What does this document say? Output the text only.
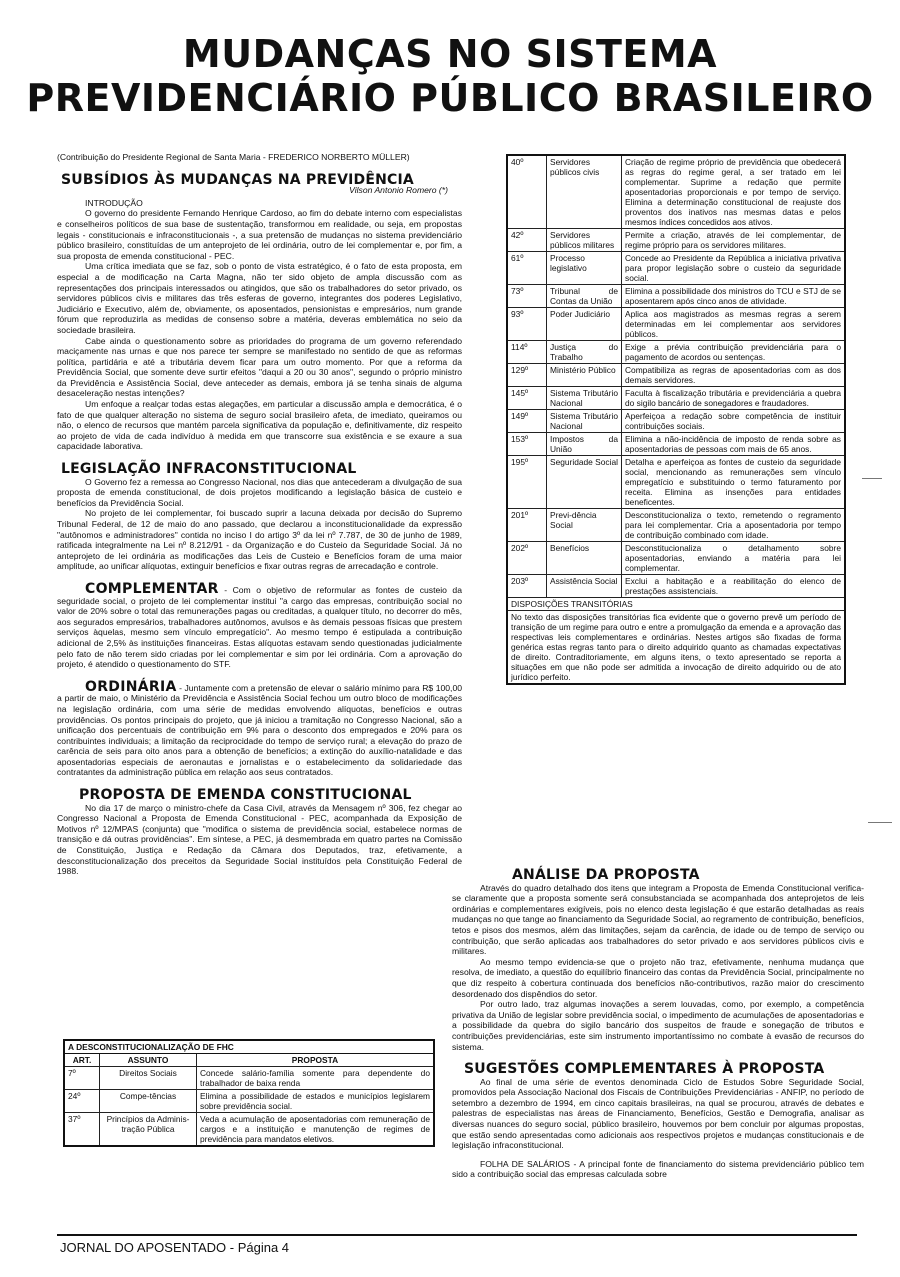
MUDANÇAS NO SISTEMA
PREVIDENCIÁRIO PÚBLICO BRASILEIRO
(Contribuição do Presidente Regional de Santa Maria - FREDERICO NORBERTO MÜLLER)
SUBSÍDIOS ÀS MUDANÇAS NA PREVIDÊNCIA
Vilson Antonio Romero (*)
INTRODUÇÃO

O governo do presidente Fernando Henrique Cardoso, ao fim do debate interno com especialistas e conselheiros políticos de sua base de sustentação, transformou em realidade, ou seja, em propostas legais - constitucionais e infraconstitucionais -, a sua pretensão de mudanças no sistema previdenciário público brasileiro, constituídas de um anteprojeto de lei ordinária, outro de lei complementar e, por fim, a sua proposta de emenda constitucional - PEC.

Uma crítica imediata que se faz, sob o ponto de vista estratégico, é o fato de esta proposta, em especial a de modificação na Carta Magna, não ter sido objeto de ampla discussão com as representações dos principais interessados ou atingidos, que são os trabalhadores do setor privado, os servidores públicos civis e militares das três esferas de governo, integrantes dos poderes Legislativo, Judiciário e Executivo, além de, obviamente, os aposentados, pensionistas e empresários, num grande fórum que reproduzirla as medidas de consenso sobre a matéria, deveras emblemática no seio da sociedade brasileira.

Cabe ainda o questionamento sobre as prioridades do programa de um governo referendado maciçamente nas urnas e que nos parece ter sempre se manifestado no sentido de que as reformas política, partidária e até a tributária devem ficar para um outro momento. Por que a reforma da Previdência Social, que somente deve surtir efeitos "daqui a 20 ou 30 anos", segundo o próprio ministro da Previdência e Assistência Social, deve anteceder as demais, embora já se tenha sinais de alguma desaceleração nestas intenções?

Um enfoque a realçar todas estas alegações, em particular a discussão ampla e democrática, é o fato de que qualquer alteração no sistema de seguro social brasileiro afeta, de imediato, queiramos ou não, o elenco de recursos que mantém parcela significativa da população e, definitivamente, diz respeito ao projeto de vida de cada indivíduo à medida em que transcorre sua existência e se exaure a sua capacidade laborativa.

LEGISLAÇÃO INFRACONSTITUCIONAL

O Governo fez a remessa ao Congresso Nacional, nos dias que antecederam a divulgação de sua proposta de emenda constitucional, de dois projetos modificando a legislação básica de custeio e benefícios da Previdência Social.

No projeto de lei complementar, foi buscado suprir a lacuna deixada por decisão do Supremo Tribunal Federal, de 12 de maio do ano passado, que declarou a inconstitucionalidade da expressão "autônomos e administradores" contida no inciso I do artigo 3º da lei nº 7.787, de 30 de junho de 1989, ratificada integralmente na Lei nº 8.212/91 - da Organização e do Custeio da Seguridade Social. Já no anteprojeto de lei ordinária as modificações das Leis de Custeio e Benefícios foram de uma maior amplitude, ao unificar alíquotas, extinguir benefícios e fixar outras regras de arrecadação e controle.

COMPLEMENTAR - Com o objetivo de reformular as fontes de custeio da seguridade social, o projeto de lei complementar institui "a cargo das empresas, contribuição social no valor de 20% sobre o total das remunerações pagas ou creditadas, a qualquer título, no decorrer do mês, aos segurados empresários, trabalhadores autônomos, avulsos e às demais pessoas físicas que prestem serviços àquelas, mesmo sem vínculo empregatício". Ao mesmo tempo é estipulada a contribuição adicional de 2,5% às instituições financeiras. Estas alíquotas estavam sendo questionadas judicialmente pelo fato de não terem sido criadas por lei complementar e sim por lei ordinária. Com a aprovação do projeto, é atendido o questionamento do STF.

ORDINÁRIA - Juntamente com a pretensão de elevar o salário mínimo para R$ 100,00 a partir de maio, o Ministério da Previdência e Assistência Social fechou um outro bloco de modificações na legislação ordinária, com uma série de medidas envolvendo alíquotas, benefícios e outras providências. Os pontos principais do projeto, que já iniciou a tramitação no Congresso Nacional, são a unificação dos percentuais de contribuição em 9% para o desconto dos empregados e 20% para os contribuintes individuais; a limitação da reciprocidade do tempo de serviço rural; a elevação do prazo de carência de seis para oito anos para a obtenção de benefícios; a extinção do auxílio-natalidade e das aposentadorias especiais de aeronautas e jornalistas e o estabelecimento da solidariedade das contratantes da administração pública em relação aos seus contratados.

PROPOSTA DE EMENDA CONSTITUCIONAL

No dia 17 de março o ministro-chefe da Casa Civil, através da Mensagem nº 306, fez chegar ao Congresso Nacional a Proposta de Emenda Constitucional - PEC, acompanhada da Exposição de Motivos nº 12/MPAS (conjunta) que "modifica o sistema de previdência social, estabelece normas de transição e dá outras providências". Em síntese, a PEC, já desmembrada em quatro partes na Comissão de Constituição, Justiça e Redação da Câmara dos Deputados, traz, efetivamente, a desconstitucionalização dos preceitos da Seguridade Social instituídos pela Constituição Federal de 1988.

A DESCONSTITUCIONALIZAÇÃO DE FHC		
ART.	ASSUNTO	PROPOSTA
7º	Direitos Sociais	Concede salário-família somente para dependente do trabalhador de baixa renda
24º	Compe-tências	Elimina a possibilidade de estados e municípios legislarem sobre previdência social.
37º	Princípios da Adminis-tração Pública	Veda a acumulação de aposentadorias com remuneração de cargos e a instituição e manutenção de regimes de previdência para mandatos eletivos.
40º	Servidores públicos civis	Criação de regime próprio de previdência que obedecerá as regras do regime geral, a ser tratado em lei complementar. Suprime a redação que permite aposentadorias proporcionais e por tempo de serviço. Elimina a determinação constitucional de reajuste dos proventos dos inativos nas mesmas datas e pelos mesmos índices concedidos aos ativos.
42º	Servidores públicos militares	Permite a criação, através de lei complementar, de regime próprio para os servidores militares.
61º	Processo legislativo	Concede ao Presidente da República a iniciativa privativa para propor legislação sobre o custeio da seguridade social.
73º	Tribunal de Contas da União	Elimina a possibilidade dos ministros do TCU e STJ de se aposentarem após cinco anos de atividade.
93º	Poder Judiciário	Aplica aos magistrados as mesmas regras a serem determinadas em lei complementar aos servidores públicos.
114º	Justiça do Trabalho	Exige a prévia contribuição previdenciária para o pagamento de acordos ou sentenças.
129º	Ministério Público	Compatibiliza as regras de aposentadorias com as dos demais servidores.
145º	Sistema Tributário Nacional	Faculta à fiscalização tributária e previdenciária a quebra do sigilo bancário de sonegadores e fraudadores.
149º	Sistema Tributário Nacional	Aperfeiçoa a redação sobre competência de instituir contribuições sociais.
153º	Impostos da União	Elimina a não-incidência de imposto de renda sobre as aposentadorias de pessoas com mais de 65 anos.
195º	Seguridade Social	Detalha e aperfeiçoa as fontes de custeio da seguridade social, mencionando as remunerações sem vínculo empregatício e substituindo o termo faturamento por receita. Elimina as insenções para entidades beneficentes.
201º	Previ-dência Social	Desconstitucionaliza o texto, remetendo o regramento para lei complementar. Cria a aposentadoria por tempo de contribuição combinado com idade.
202º	Benefícios	Desconstitucionaliza o detalhamento sobre aposentadorias, enviando a matéria para lei complementar.
203º	Assistência Social	Exclui a habitação e a reabilitação do elenco de prestações assistenciais.
DISPOSIÇÕES TRANSITÓRIAS		
No texto das disposições transitórias fica evidente que o governo prevê um período de transição de um regime para outro e entre a promulgação da emenda e a aprovação das respectivas leis complementares e ordinárias. Nestes artigos são fixadas de forma genérica estas regras tanto para o direito adquirido quanto as chamadas expectativas de direito. Contraditoriamente, em alguns itens, o texto apresentado se reporta a situações em que não pode ser admitida a invocação de direito adquirido ou de ato jurídico perfeito.		
ANÁLISE DA PROPOSTA

Através do quadro detalhado dos itens que integram a Proposta de Emenda Constitucional verifica-se claramente que a proposta somente será consubstanciada se acompanhada dos anteprojetos de leis ordinárias e complementares exigíveis, pois no elenco desta legislação é que estarão detalhadas as reais mudanças no que tange ao financiamento da Seguridade Social, ao regramento de contribuição, benefícios, tetos e pisos dos mesmos, além das limitações, sejam da carência, de idade ou de tempo de serviço ou contribuição, que serão aplicadas aos trabalhadores do setor privado e aos servidores públicos civis e militares.

Ao mesmo tempo evidencia-se que o projeto não traz, efetivamente, nenhuma mudança que resolva, de imediato, a questão do equilíbrio financeiro das contas da Previdência Social, principalmente no que diz respeito à cobertura continuada dos benefícios não-contributivos, razão maior do crescimento desordenado dos dispêndios do setor.

Por outro lado, traz algumas inovações a serem louvadas, como, por exemplo, a competência privativa da União de legislar sobre previdência social, o impedimento de acumulações de aposentadorias e a possibilidade da quebra do sigilo bancário dos suspeitos de fraude e sonegação de tributos e contribuições previdenciárias, este sim instrumento importantíssimo no combate à evasão de recursos do sistema.

SUGESTÕES COMPLEMENTARES À PROPOSTA

Ao final de uma série de eventos denominada Ciclo de Estudos Sobre Seguridade Social, promovidos pela Associação Nacional dos Fiscais de Contribuições Previdenciárias - ANFIP, no período de setembro a dezembro de 1994, em cinco capitais brasileiras, na qual se procurou, através de debates e palestras de especialistas nas áreas de Financiamento, Benefícios, Gestão e Demografia, analisar as diversas nuances do seguro social, público brasileiro, houvemos por bem concluir por algumas propostas, que estão sendo apresentadas como adicionais aos respectivos projetos e mudanças constitucionais e de legislação infraconstitucional.

FOLHA DE SALÁRIOS - A principal fonte de financiamento do sistema previdenciário público tem sido a contribuição social das empresas calculada sobre

JORNAL DO APOSENTADO - Página 4
